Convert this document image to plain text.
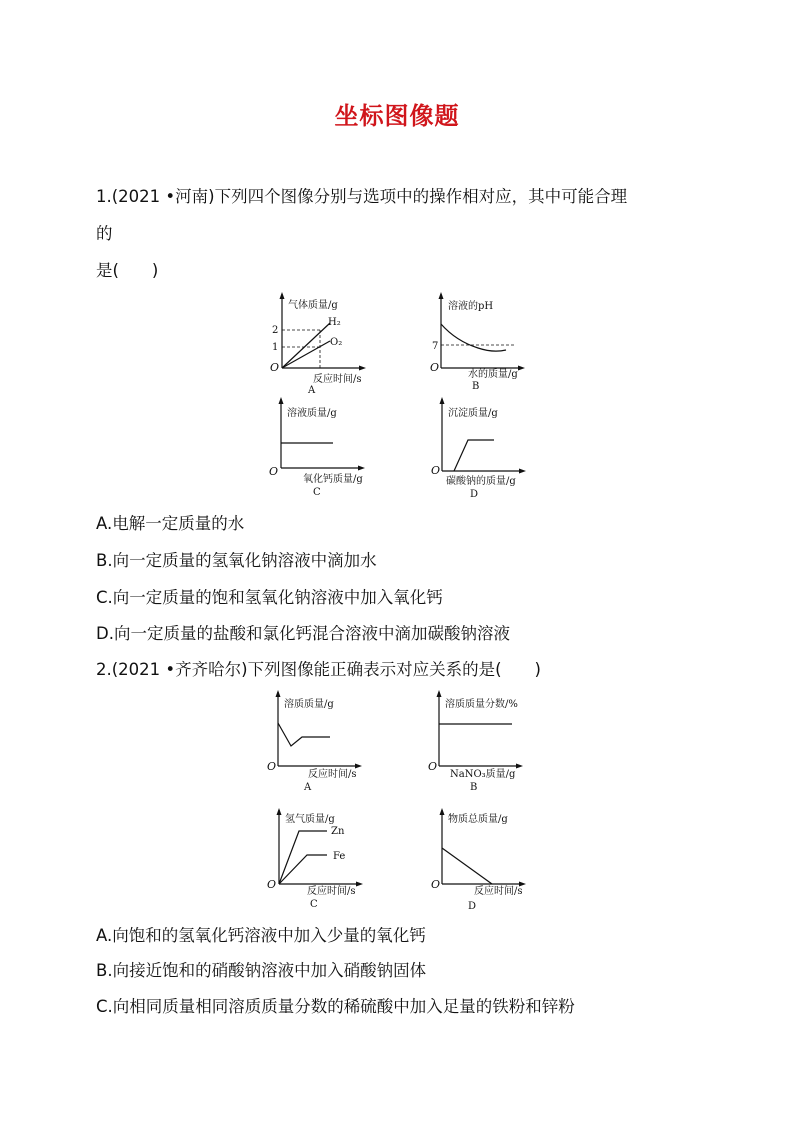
坐标图像题
1.(2021 •河南)下列四个图像分别与选项中的操作相对应，其中可能合理
的
是(　　)
气体质量/g
2
1
H₂
O₂
O
反应时间/s
A
溶液的pH
7
O
水的质量/g
B
溶液质量/g
O
氧化钙质量/g
C
沉淀质量/g
O
碳酸钠的质量/g
D
A.电解一定质量的水
B.向一定质量的氢氧化钠溶液中滴加水
C.向一定质量的饱和氢氧化钠溶液中加入氧化钙
D.向一定质量的盐酸和氯化钙混合溶液中滴加碳酸钠溶液
2.(2021 •齐齐哈尔)下列图像能正确表示对应关系的是(　　)
溶质质量/g
O
反应时间/s
A
溶质质量分数/%
O
NaNO₃质量/g
B
氢气质量/g
Zn
Fe
O
反应时间/s
C
物质总质量/g
O
反应时间/s
D
A.向饱和的氢氧化钙溶液中加入少量的氧化钙
B.向接近饱和的硝酸钠溶液中加入硝酸钠固体
C.向相同质量相同溶质质量分数的稀硫酸中加入足量的铁粉和锌粉
